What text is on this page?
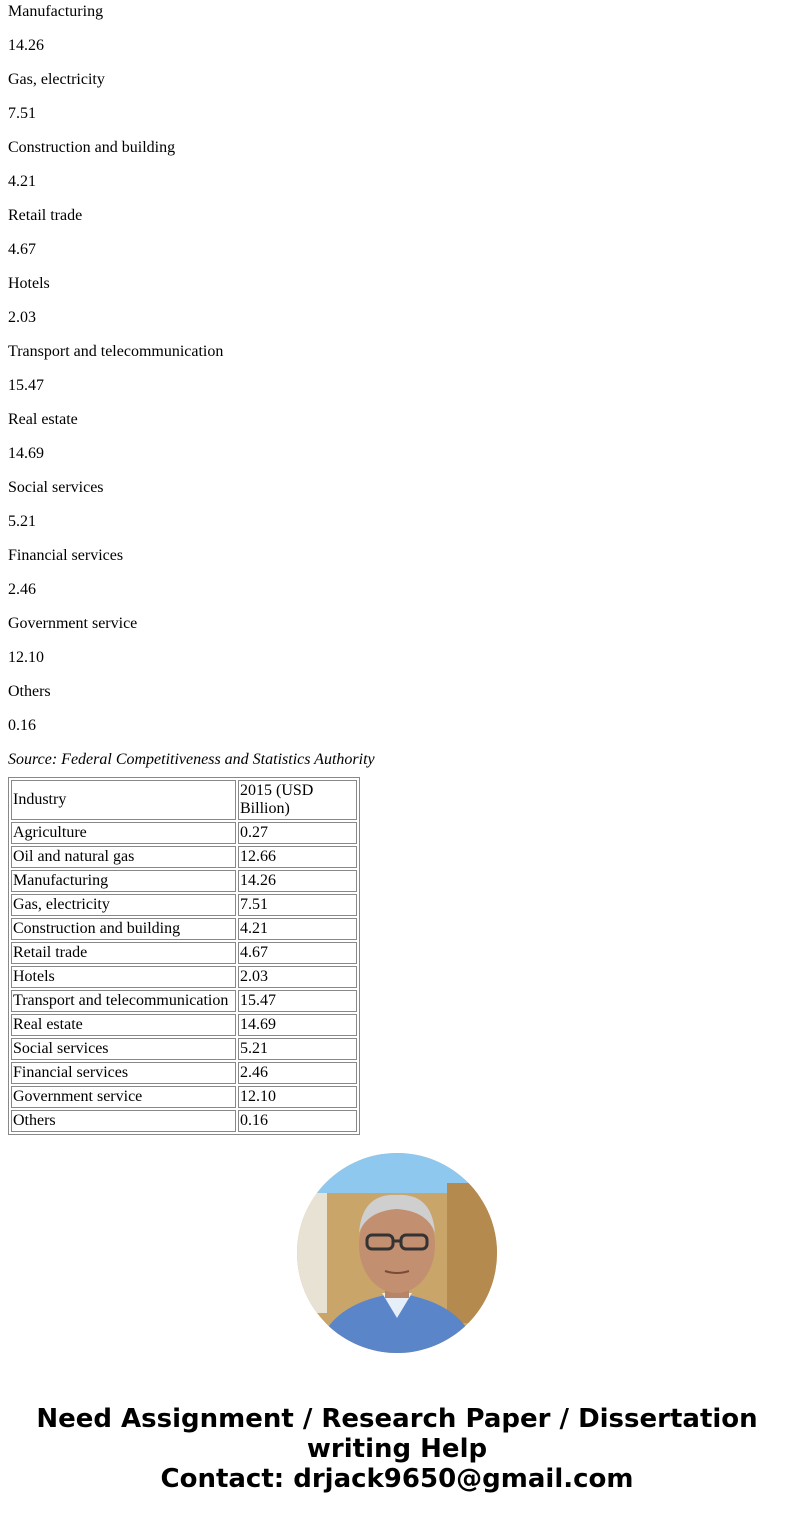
Manufacturing

14.26

Gas, electricity

7.51

Construction and building

4.21

Retail trade

4.67

Hotels

2.03

Transport and telecommunication

15.47

Real estate

14.69

Social services

5.21

Financial services

2.46

Government service

12.10

Others

0.16

Source: Federal Competitiveness and Statistics Authority

Industry	2015 (USD Billion)
Agriculture	0.27
Oil and natural gas	12.66
Manufacturing	14.26
Gas, electricity	7.51
Construction and building	4.21
Retail trade	4.67
Hotels	2.03
Transport and telecommunication	15.47
Real estate	14.69
Social services	5.21
Financial services	2.46
Government service	12.10
Others	0.16
Need Assignment / Research Paper / Dissertation writing Help
Contact: drjack9650@gmail.com
